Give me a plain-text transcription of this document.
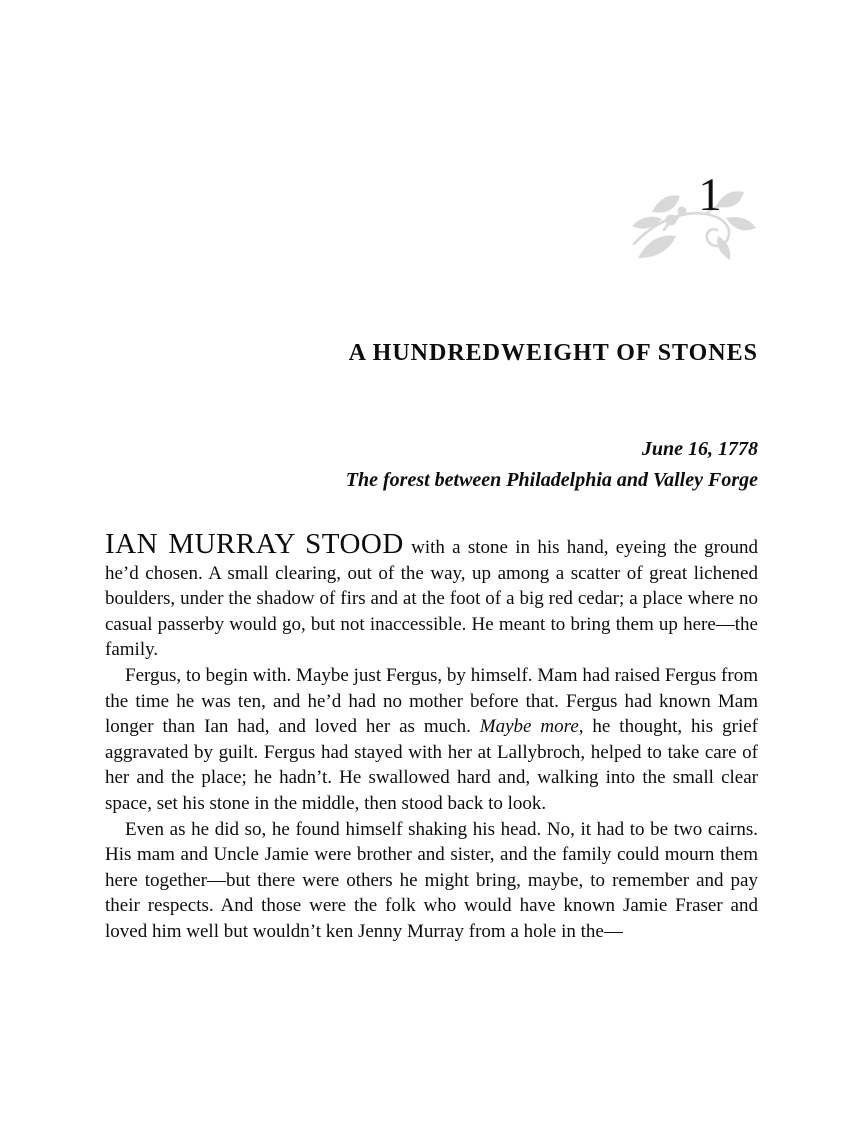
1
A HUNDREDWEIGHT OF STONES
June 16, 1778
The forest between Philadelphia and Valley Forge

IAN MURRAY STOOD with a stone in his hand, eyeing the ground he’d chosen. A small clearing, out of the way, up among a scatter of great lichened boulders, under the shadow of firs and at the foot of a big red cedar; a place where no casual passerby would go, but not inaccessible. He meant to bring them up here—the family.

Fergus, to begin with. Maybe just Fergus, by himself. Mam had raised Fergus from the time he was ten, and he’d had no mother before that. Fergus had known Mam longer than Ian had, and loved her as much. Maybe more, he thought, his grief aggravated by guilt. Fergus had stayed with her at Lallybroch, helped to take care of her and the place; he hadn’t. He swallowed hard and, walking into the small clear space, set his stone in the middle, then stood back to look.

Even as he did so, he found himself shaking his head. No, it had to be two cairns. His mam and Uncle Jamie were brother and sister, and the family could mourn them here together—but there were others he might bring, maybe, to remember and pay their respects. And those were the folk who would have known Jamie Fraser and loved him well but wouldn’t ken Jenny Murray from a hole in the—
